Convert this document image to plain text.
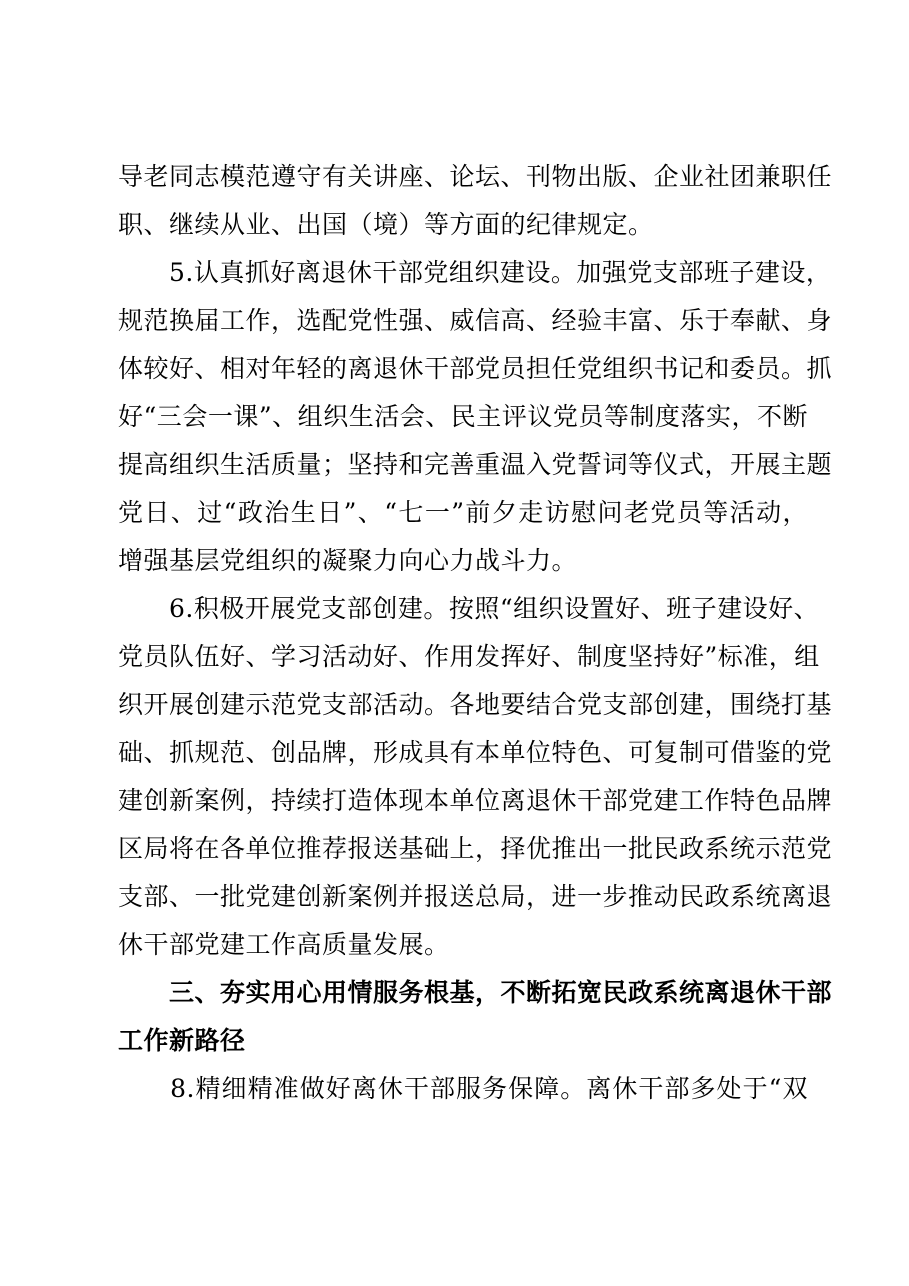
导老同志模范遵守有关讲座、论坛、刊物出版、企业社团兼职任
职、继续从业、出国（境）等方面的纪律规定。
　　5.认真抓好离退休干部党组织建设。加强党支部班子建设，
规范换届工作，选配党性强、威信高、经验丰富、乐于奉献、身
体较好、相对年轻的离退休干部党员担任党组织书记和委员。抓
好“三会一课”、组织生活会、民主评议党员等制度落实，不断
提高组织生活质量；坚持和完善重温入党誓词等仪式，开展主题
党日、过“政治生日”、“七一”前夕走访慰问老党员等活动，
增强基层党组织的凝聚力向心力战斗力。
　　6.积极开展党支部创建。按照“组织设置好、班子建设好、
党员队伍好、学习活动好、作用发挥好、制度坚持好”标准，组
织开展创建示范党支部活动。各地要结合党支部创建，围绕打基
础、抓规范、创品牌，形成具有本单位特色、可复制可借鉴的党
建创新案例，持续打造体现本单位离退休干部党建工作特色品牌
区局将在各单位推荐报送基础上，择优推出一批民政系统示范党
支部、一批党建创新案例并报送总局，进一步推动民政系统离退
休干部党建工作高质量发展。
　　三、夯实用心用情服务根基，不断拓宽民政系统离退休干部
工作新路径
　　8.精细精准做好离休干部服务保障。离休干部多处于“双
